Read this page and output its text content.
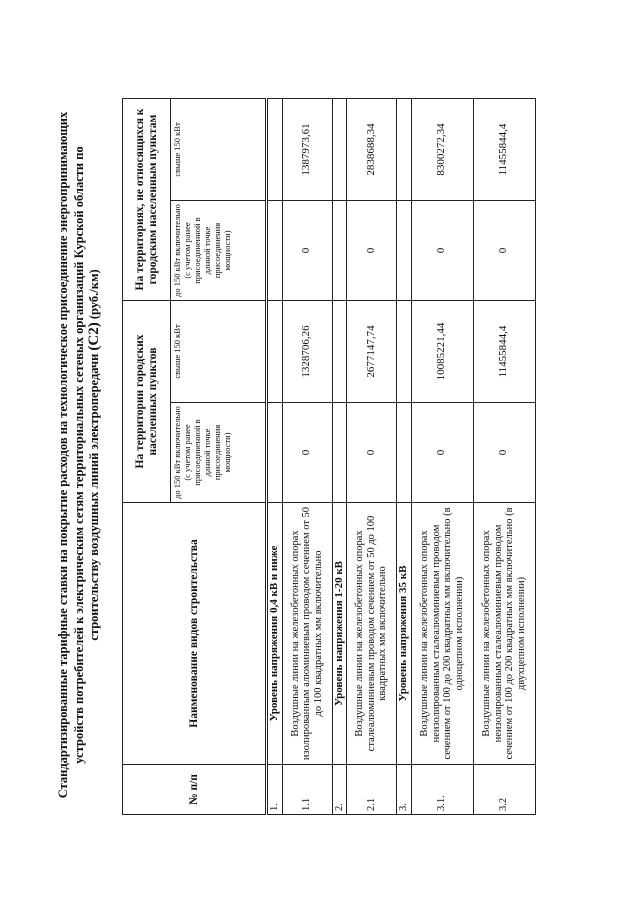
Стандартизированные тарифные ставки на покрытие расходов на технологическое присоединение энергопринимающих устройств потребителей к электрическим сетям территориальных сетевых организаций Курской области по строительству воздушных линий электропередачи (С2) (руб./км)
№ п/п	Наименование видов строительства	На территории городских населенных пунктов		На территориях, не относящихся к городским населенным пунктам	
		до 150 кВт включительно (с учетом ранее присоединенной в данной точке присоединения мощности)	свыше 150 кВт	до 150 кВт включительно (с учетом ранее присоединенной в данной точке присоединения мощности)	свыше 150 кВт
1.	Уровень напряжения 0,4 кВ и ниже				
1.1	Воздушные линии на железобетонных опорах изолированным алюминиевым проводом сечением от 50 до 100 квадратных мм включительно	0	1328706,26	0	1387973,61
2.	Уровень напряжения 1-20 кВ				
2.1	Воздушные линии на железобетонных опорах сталеалюминиевым проводом сечением от 50 до 100 квадратных мм включительно	0	2677147,74	0	2838688,34
3.	Уровень напряжения 35 кВ				
3.1.	Воздушные линии на железобетонных опорах неизолированным сталеалюминиевым проводом сечением от 100 до 200 квадратных мм включительно (в одноцепном исполнении)	0	10085221,44	0	8300272,34
3.2	Воздушные линии на железобетонных опорах неизолированным сталеалюминиевым проводом сечением от 100 до 200 квадратных мм включительно (в двухцепном исполнении)	0	11455844,4	0	11455844,4
